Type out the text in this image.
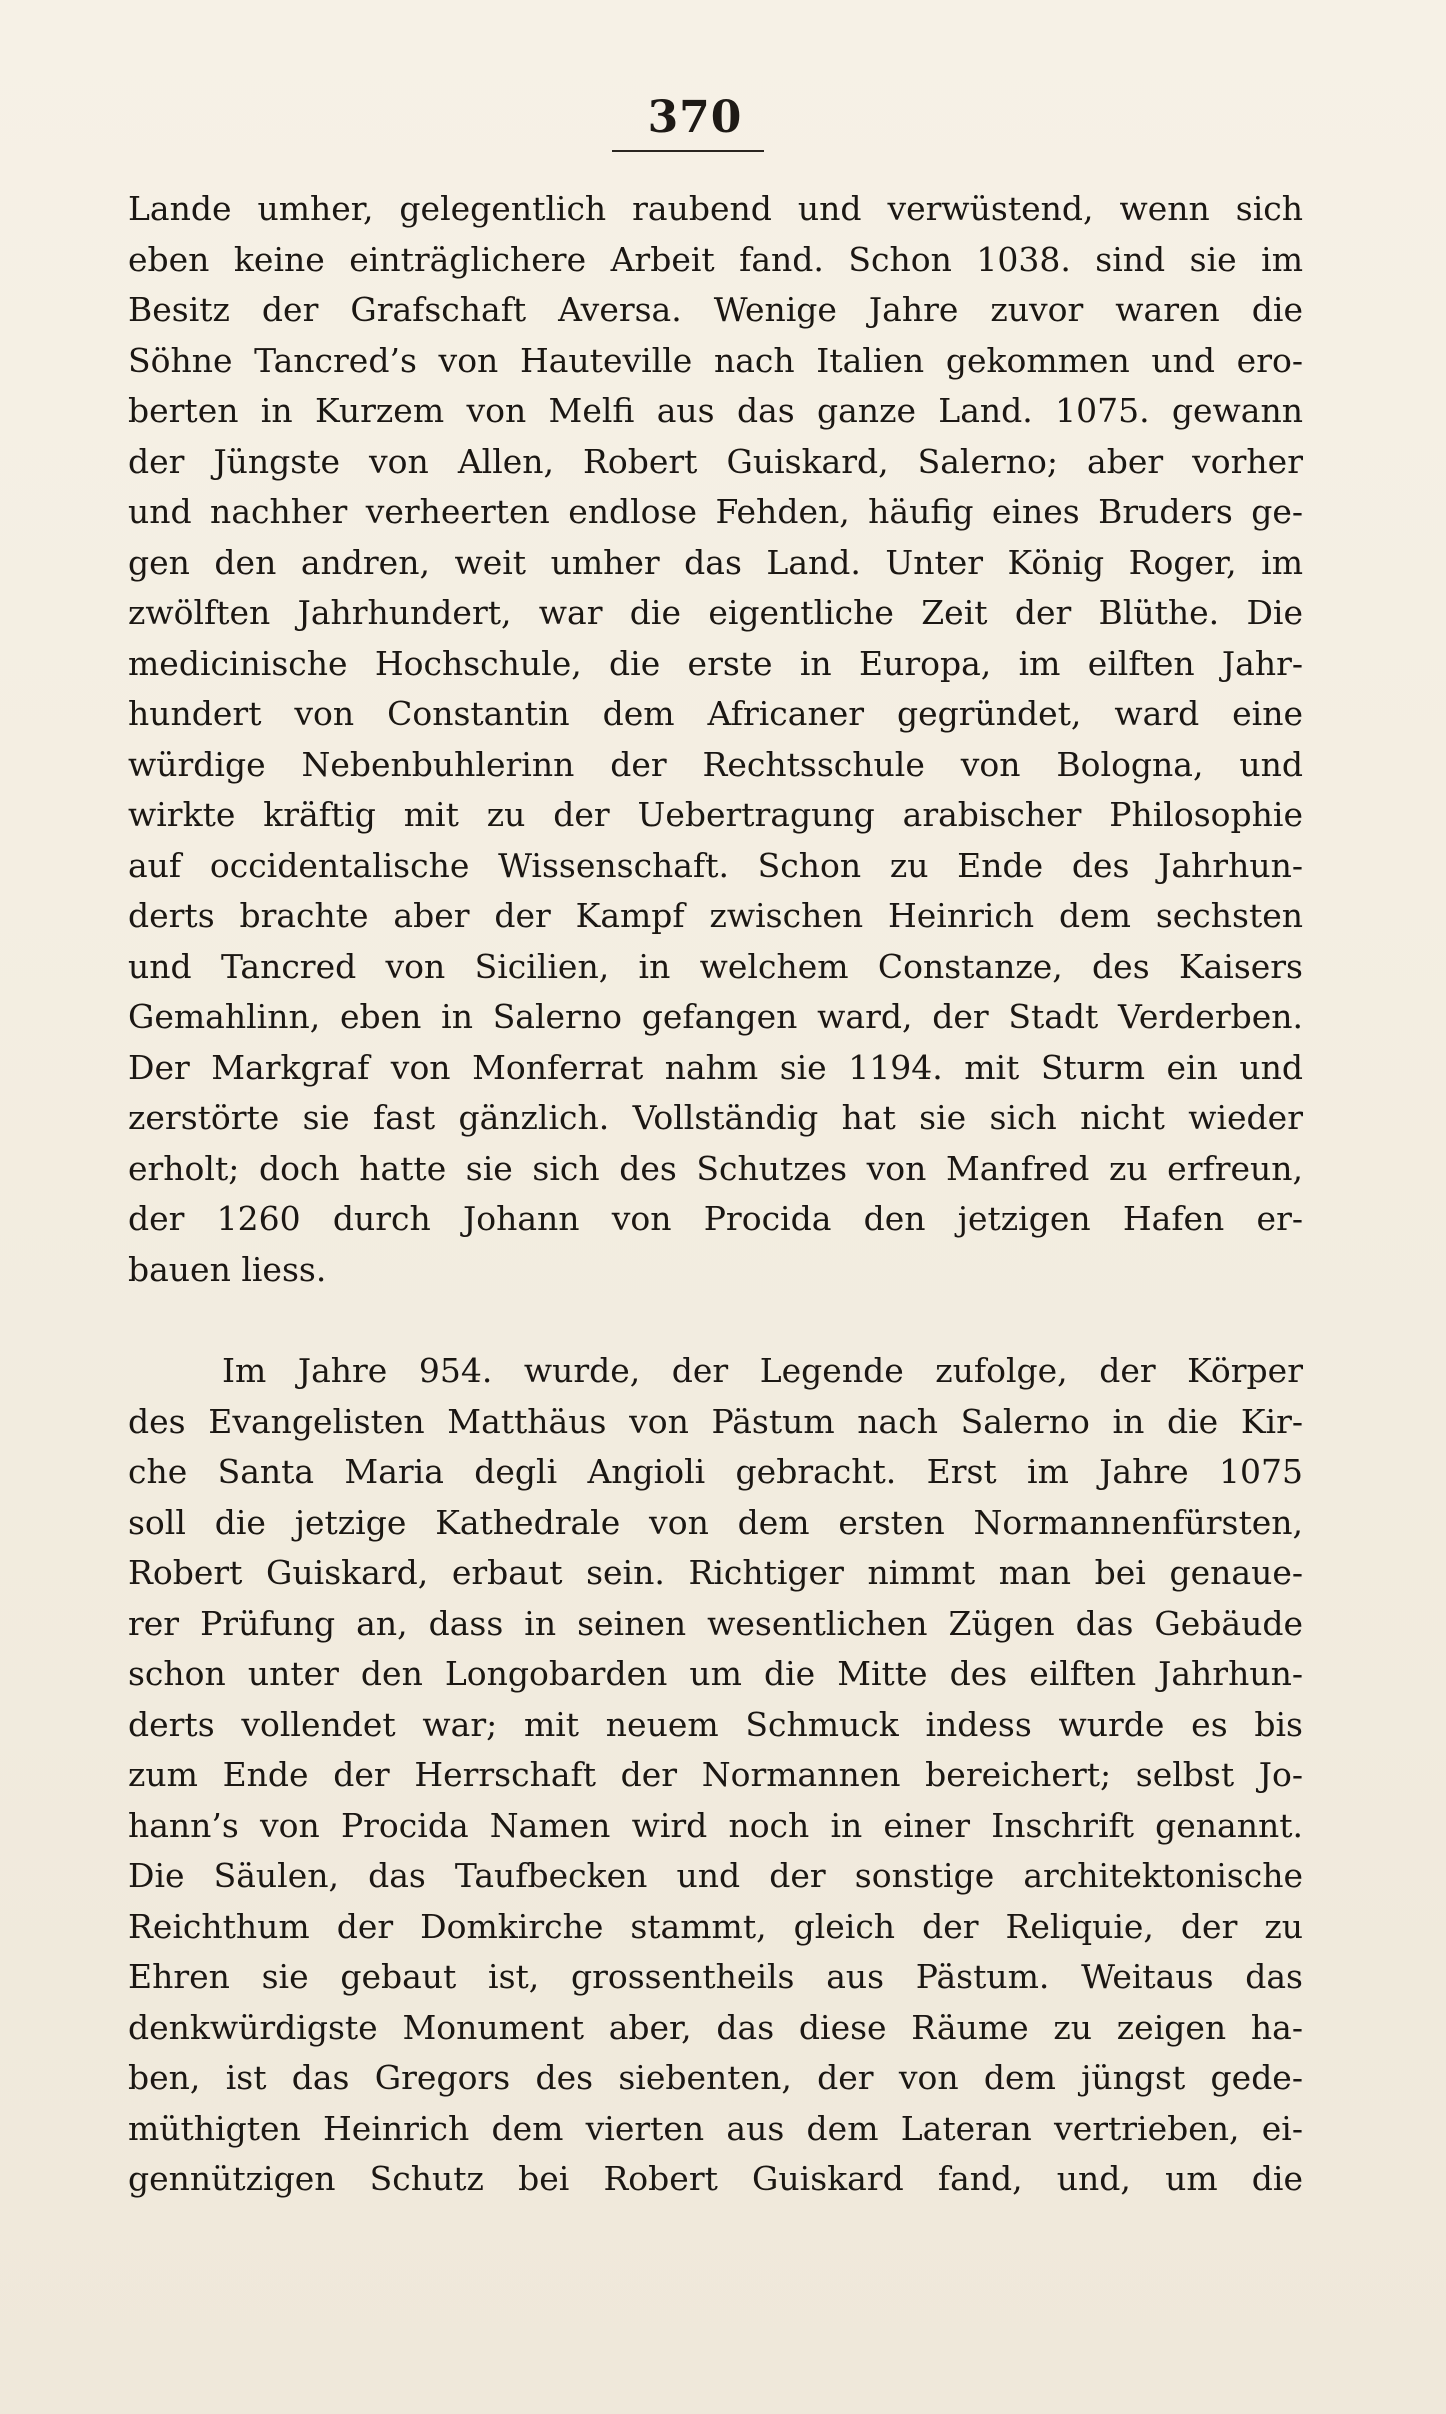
370
Lande umher, gelegentlich raubend und verwüstend, wenn sich
eben keine einträglichere Arbeit fand. Schon 1038. sind sie im
Besitz der Grafschaft Aversa. Wenige Jahre zuvor waren die
Söhne Tancred’s von Hauteville nach Italien gekommen und ero-
berten in Kurzem von Melfi aus das ganze Land. 1075. gewann
der Jüngste von Allen, Robert Guiskard, Salerno; aber vorher
und nachher verheerten endlose Fehden, häufig eines Bruders ge-
gen den andren, weit umher das Land. Unter König Roger, im
zwölften Jahrhundert, war die eigentliche Zeit der Blüthe. Die
medicinische Hochschule, die erste in Europa, im eilften Jahr-
hundert von Constantin dem Africaner gegründet, ward eine
würdige Nebenbuhlerinn der Rechtsschule von Bologna, und
wirkte kräftig mit zu der Uebertragung arabischer Philosophie
auf occidentalische Wissenschaft. Schon zu Ende des Jahrhun-
derts brachte aber der Kampf zwischen Heinrich dem sechsten
und Tancred von Sicilien, in welchem Constanze, des Kaisers
Gemahlinn, eben in Salerno gefangen ward, der Stadt Verderben.
Der Markgraf von Monferrat nahm sie 1194. mit Sturm ein und
zerstörte sie fast gänzlich. Vollständig hat sie sich nicht wieder
erholt; doch hatte sie sich des Schutzes von Manfred zu erfreun,
der 1260 durch Johann von Procida den jetzigen Hafen er-
bauen liess.
Im Jahre 954. wurde, der Legende zufolge, der Körper
des Evangelisten Matthäus von Pästum nach Salerno in die Kir-
che Santa Maria degli Angioli gebracht. Erst im Jahre 1075
soll die jetzige Kathedrale von dem ersten Normannenfürsten,
Robert Guiskard, erbaut sein. Richtiger nimmt man bei genaue-
rer Prüfung an, dass in seinen wesentlichen Zügen das Gebäude
schon unter den Longobarden um die Mitte des eilften Jahrhun-
derts vollendet war; mit neuem Schmuck indess wurde es bis
zum Ende der Herrschaft der Normannen bereichert; selbst Jo-
hann’s von Procida Namen wird noch in einer Inschrift genannt.
Die Säulen, das Taufbecken und der sonstige architektonische
Reichthum der Domkirche stammt, gleich der Reliquie, der zu
Ehren sie gebaut ist, grossentheils aus Pästum. Weitaus das
denkwürdigste Monument aber, das diese Räume zu zeigen ha-
ben, ist das Gregors des siebenten, der von dem jüngst gede-
müthigten Heinrich dem vierten aus dem Lateran vertrieben, ei-
gennützigen Schutz bei Robert Guiskard fand, und, um die
